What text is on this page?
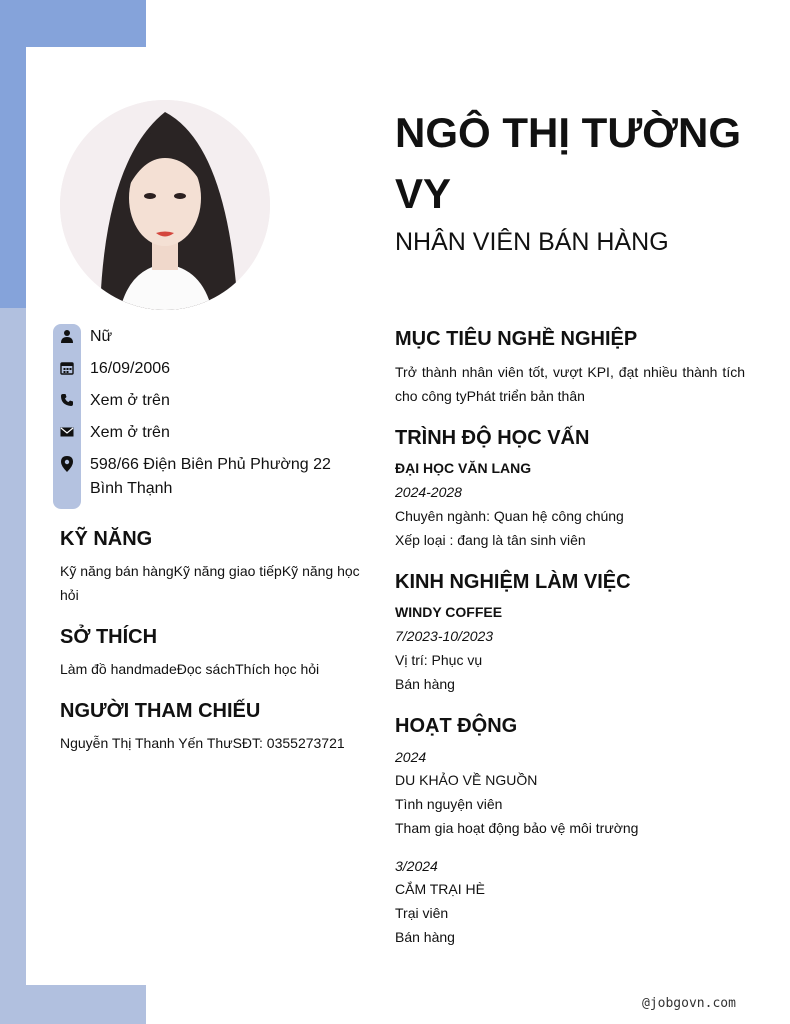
NGÔ THỊ TƯỜNG VY
NHÂN VIÊN BÁN HÀNG
Nữ
16/09/2006
Xem ở trên
Xem ở trên
598/66 Điện Biên Phủ Phường 22 Bình Thạnh
KỸ NĂNG
Kỹ năng bán hàngKỹ năng giao tiếpKỹ năng học hỏi
SỞ THÍCH
Làm đồ handmadeĐọc sáchThích học hỏi
NGƯỜI THAM CHIẾU
Nguyễn Thị Thanh Yến ThưSĐT: 0355273721
MỤC TIÊU NGHỀ NGHIỆP
Trở thành nhân viên tốt, vượt KPI, đạt nhiều thành tích cho công tyPhát triển bản thân
TRÌNH ĐỘ HỌC VẤN
ĐẠI HỌC VĂN LANG
2024-2028
Chuyên ngành: Quan hệ công chúng
Xếp loại : đang là tân sinh viên
KINH NGHIỆM LÀM VIỆC
WINDY COFFEE
7/2023-10/2023
Vị trí: Phục vụ
Bán hàng
HOẠT ĐỘNG
2024
DU KHẢO VỀ NGUỒN
Tình nguyện viên
Tham gia hoạt động bảo vệ môi trường
3/2024
CẮM TRẠI HÈ
Trại viên
Bán hàng
@jobgovn.com
